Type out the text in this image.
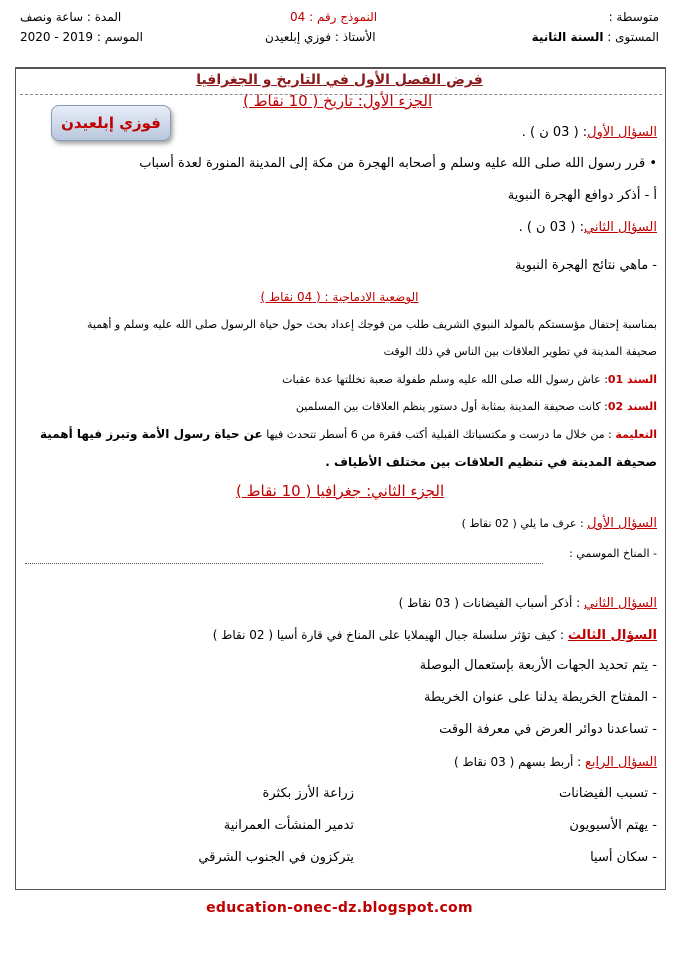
متوسطة :
النموذج رقم : 04
المدة : ساعة ونصف
المستوى : السنة الثانية
الأستاذ : فوزي إبلعيدن
الموسم : 2019 - 2020
فرض الفصل الأول في التاريخ و الجغرافيا
فوزي إبلعيدن
الجزء الأول: تاريخ ( 10 نقاط )
السؤال الأول: ( 03 ن ) .
• قرر رسول الله صلى الله عليه وسلم و أصحابه الهجرة من مكة إلى المدينة المنورة لعدة أسباب
أ - أذكر دوافع الهجرة النبوية
السؤال الثاني: ( 03 ن ) .
- ماهي نتائج الهجرة النبوية
الوضعية الادماجية : ( 04 نقاط )
بمناسبة إحتفال مؤسستكم بالمولد النبوي الشريف طلب من فوجك إعداد بحث حول حياة الرسول صلى الله عليه وسلم و أهمية
صحيفة المدينة في تطوير العلاقات بين الناس في ذلك الوقت
السند 01: عاش رسول الله صلى الله عليه وسلم طفولة صعبة تخللتها عدة عقبات
السند 02: كانت صحيفة المدينة بمثابة أول دستور ينظم العلاقات بين المسلمين
التعليمة : من خلال ما درست و مكتسباتك القبلية أكتب فقرة من 6 أسطر تتحدث فيها عن حياة رسول الأمة وتبرز فيها أهمية
صحيفة المدينة في تنظيم العلاقات بين مختلف الأطياف .
الجزء الثاني: جغرافيا ( 10 نقاط )
السؤال الأول : عرف ما يلي ( 02 نقاط )
- المناخ الموسمي :
السؤال الثاني : أذكر أسباب الفيضانات ( 03 نقاط )
السؤال الثالث : كيف تؤثر سلسلة جبال الهيملايا على المناخ في قارة أسيا ( 02 نقاط )
- يتم تحديد الجهات الأربعة بإستعمال البوصلة
- المفتاح الخريطة يدلنا على عنوان الخريطة
- تساعدنا دوائر العرض في معرفة الوقت
السؤال الرابع : أربط بسهم ( 03 نقاط )
- تسبب الفيضانات
- يهتم الأسيويون
- سكان أسيا
زراعة الأرز بكثرة
تدمير المنشأت العمرانية
يتركزون في الجنوب الشرقي
education-onec-dz.blogspot.com
